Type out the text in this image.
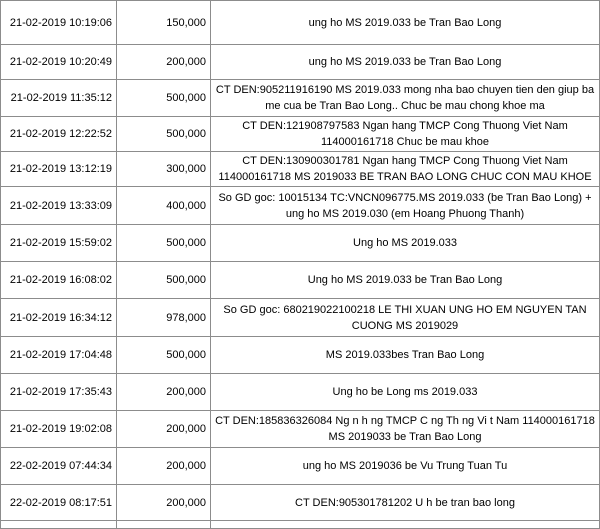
21-02-2019 10:19:06	150,000	ung ho MS 2019.033 be Tran Bao Long
21-02-2019 10:20:49	200,000	ung ho MS 2019.033 be Tran Bao Long
21-02-2019 11:35:12	500,000	CT DEN:905211916190 MS 2019.033 mong nha bao chuyen tien den giup ba me cua be Tran Bao Long.. Chuc be mau chong khoe ma
21-02-2019 12:22:52	500,000	CT DEN:121908797583 Ngan hang TMCP Cong Thuong Viet Nam 114000161718 Chuc be mau khoe
21-02-2019 13:12:19	300,000	CT DEN:130900301781 Ngan hang TMCP Cong Thuong Viet Nam 114000161718 MS 2019033 BE TRAN BAO LONG CHUC CON MAU KHOE
21-02-2019 13:33:09	400,000	So GD goc: 10015134 TC:VNCN096775.MS 2019.033 (be Tran Bao Long) + ung ho MS 2019.030 (em Hoang Phuong Thanh)
21-02-2019 15:59:02	500,000	Ung ho MS 2019.033
21-02-2019 16:08:02	500,000	Ung ho MS 2019.033 be Tran Bao Long
21-02-2019 16:34:12	978,000	So GD goc: 680219022100218 LE THI XUAN UNG HO EM NGUYEN TAN CUONG MS 2019029
21-02-2019 17:04:48	500,000	MS 2019.033bes Tran Bao Long
21-02-2019 17:35:43	200,000	Ung ho be Long ms 2019.033
21-02-2019 19:02:08	200,000	CT DEN:185836326084 Ng n h ng TMCP C ng Th ng Vi t Nam 114000161718 MS 2019033 be Tran Bao Long
22-02-2019 07:44:34	200,000	ung ho MS 2019036 be Vu Trung Tuan Tu
22-02-2019 08:17:51	200,000	CT DEN:905301781202 U h be tran bao long
